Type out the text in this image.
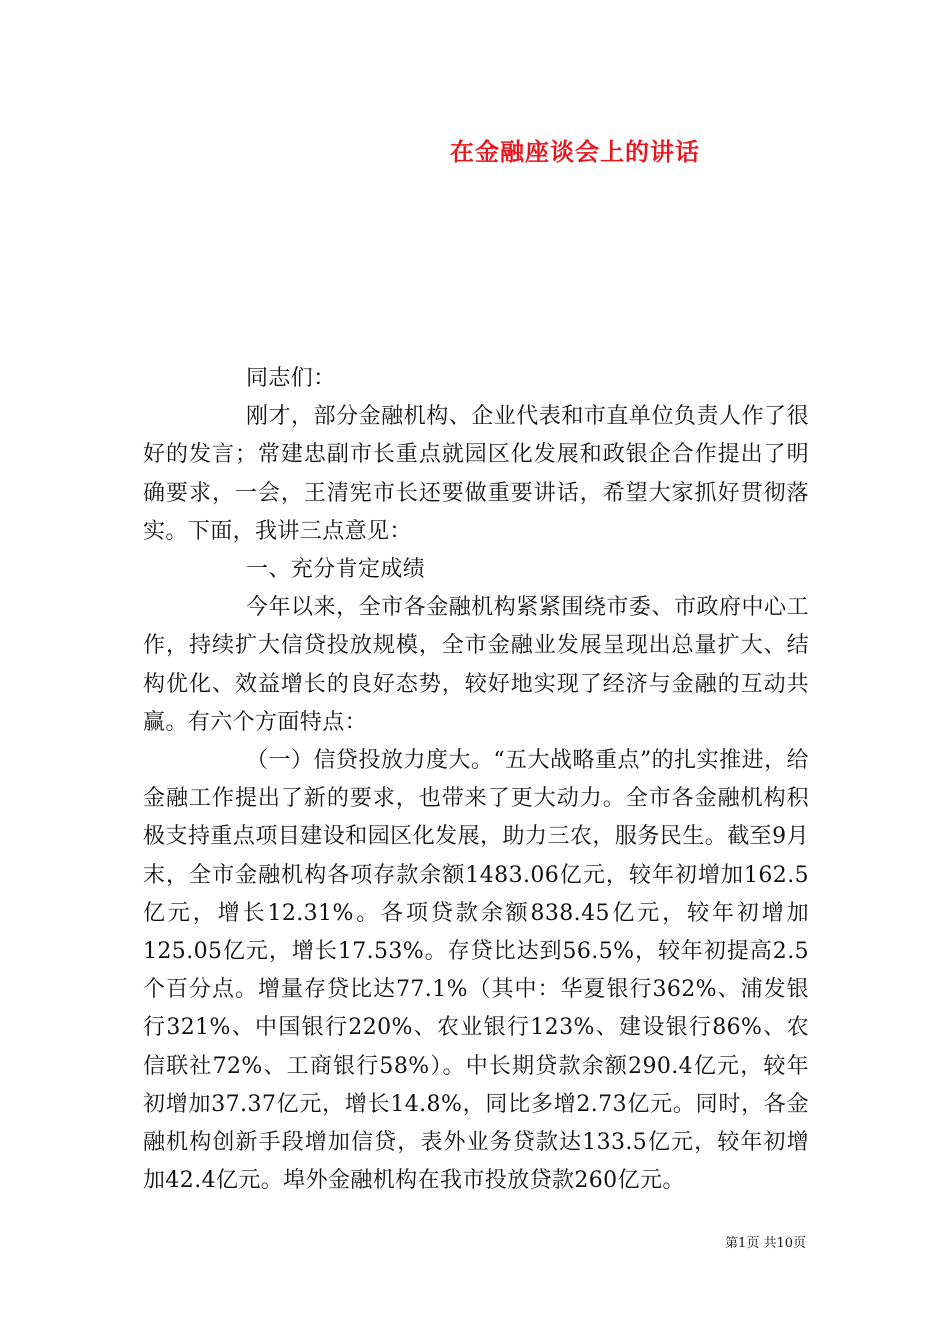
在金融座谈会上的讲话

同志们：

刚才，部分金融机构、企业代表和市直单位负责人作了很好的发言；常建忠副市长重点就园区化发展和政银企合作提出了明确要求，一会，王清宪市长还要做重要讲话，希望大家抓好贯彻落实。下面，我讲三点意见：

一、充分肯定成绩

今年以来，全市各金融机构紧紧围绕市委、市政府中心工作，持续扩大信贷投放规模，全市金融业发展呈现出总量扩大、结构优化、效益增长的良好态势，较好地实现了经济与金融的互动共赢。有六个方面特点：

（一）信贷投放力度大。“五大战略重点”的扎实推进，给金融工作提出了新的要求，也带来了更大动力。全市各金融机构积极支持重点项目建设和园区化发展，助力三农，服务民生。截至9月末，全市金融机构各项存款余额1483.06亿元，较年初增加162.5亿元，增长12.31%。各项贷款余额838.45亿元，较年初增加125.05亿元，增长17.53%。存贷比达到56.5%，较年初提高2.5个百分点。增量存贷比达77.1%（其中：华夏银行362%、浦发银行321%、中国银行220%、农业银行123%、建设银行86%、农信联社72%、工商银行58%）。中长期贷款余额290.4亿元，较年初增加37.37亿元，增长14.8%，同比多增2.73亿元。同时，各金融机构创新手段增加信贷，表外业务贷款达133.5亿元，较年初增加42.4亿元。埠外金融机构在我市投放贷款260亿元。

第1页 共10页
